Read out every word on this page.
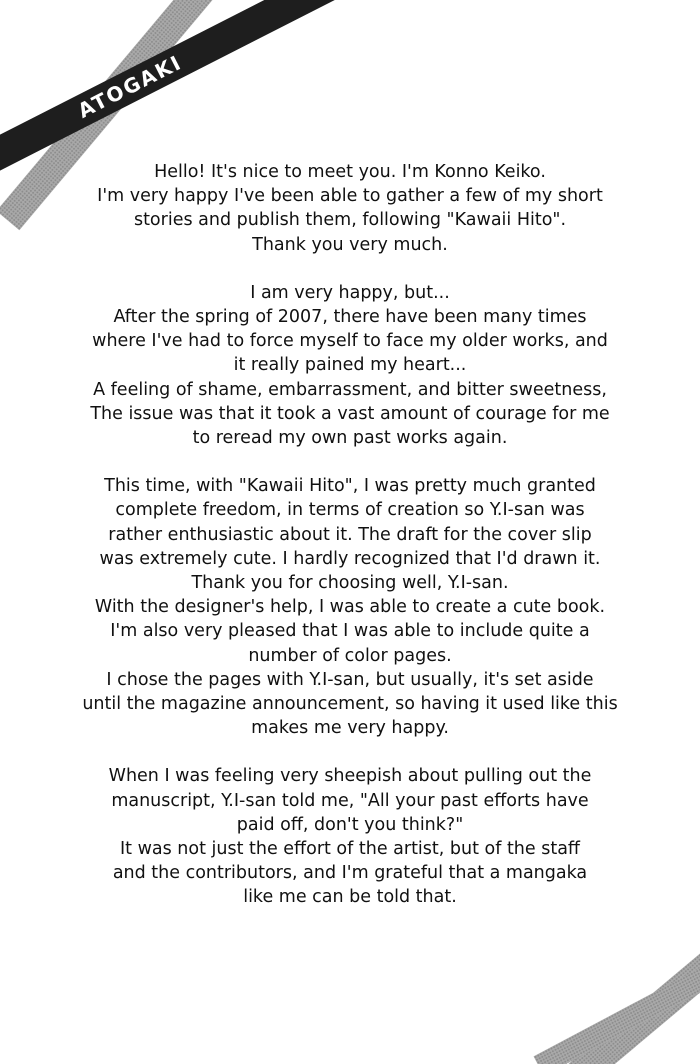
ATOGAKI

Hello! It's nice to meet you. I'm Konno Keiko.
I'm very happy I've been able to gather a few of my short
stories and publish them, following "Kawaii Hito".
Thank you very much.

I am very happy, but...
After the spring of 2007, there have been many times
where I've had to force myself to face my older works, and
it really pained my heart...
A feeling of shame, embarrassment, and bitter sweetness,
The issue was that it took a vast amount of courage for me
to reread my own past works again.

This time, with "Kawaii Hito", I was pretty much granted
complete freedom, in terms of creation so Y.I-san was
rather enthusiastic about it. The draft for the cover slip
was extremely cute. I hardly recognized that I'd drawn it.
Thank you for choosing well, Y.I-san.
With the designer's help, I was able to create a cute book.
I'm also very pleased that I was able to include quite a
number of color pages.
I chose the pages with Y.I-san, but usually, it's set aside
until the magazine announcement, so having it used like this
makes me very happy.

When I was feeling very sheepish about pulling out the
manuscript, Y.I-san told me, "All your past efforts have
paid off, don't you think?"
It was not just the effort of the artist, but of the staff
and the contributors, and I'm grateful that a mangaka
like me can be told that.
